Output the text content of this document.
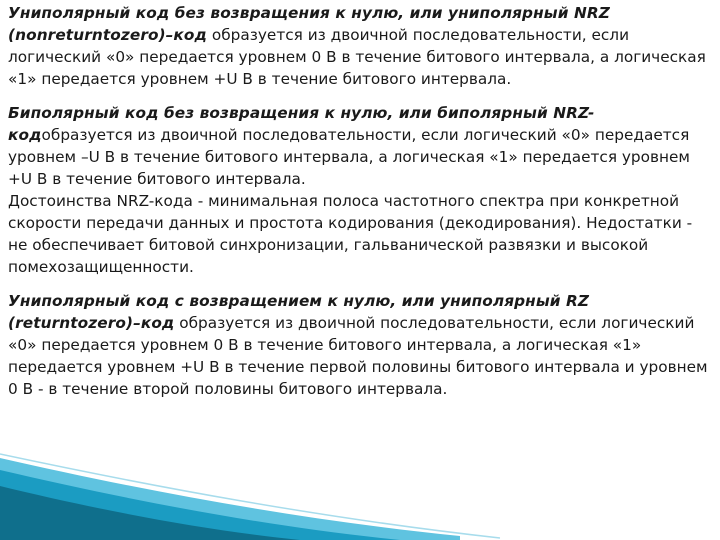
Униполярный код без возвращения к нулю, или униполярный NRZ (nonreturntozero)–код образуется из двоичной последовательности, если логический «0» передается уровнем 0 В в течение битового интервала, а логическая «1» передается уровнем +U В в течение битового интервала.

Биполярный код без возвращения к нулю, или биполярный NRZ-кодобразуется из двоичной последовательности, если логический «0» передается уровнем –U В в течение битового интервала, а логическая «1» передается уровнем +U В в течение битового интервала.

Достоинства NRZ-кода - минимальная полоса частотного спектра при конкретной скорости передачи данных и простота кодирования (декодирования). Недостатки - не обеспечивает битовой синхронизации, гальванической развязки и высокой помехозащищенности.

Униполярный код с возвращением к нулю, или униполярный RZ (returntozero)–код образуется из двоичной последовательности, если логический «0» передается уровнем 0 В в течение битового интервала, а логическая «1» передается уровнем +U В в течение первой половины битового интервала и уровнем 0 В - в течение второй половины битового интервала.
